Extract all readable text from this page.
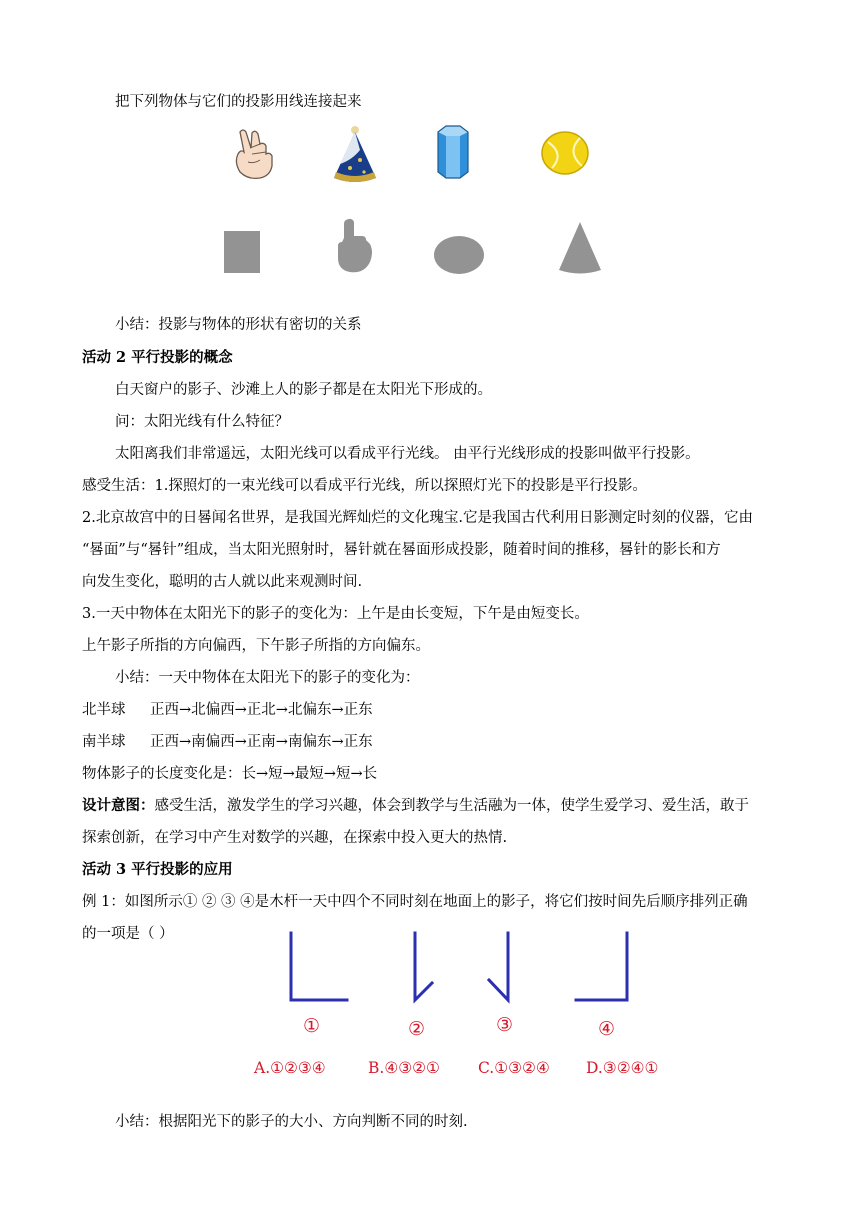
把下列物体与它们的投影用线连接起来
小结：投影与物体的形状有密切的关系
活动 2 平行投影的概念
白天窗户的影子、沙滩上人的影子都是在太阳光下形成的。
问：太阳光线有什么特征？
太阳离我们非常遥远，太阳光线可以看成平行光线。 由平行光线形成的投影叫做平行投影。
感受生活：1.探照灯的一束光线可以看成平行光线，所以探照灯光下的投影是平行投影。
2.北京故宫中的日晷闻名世界，是我国光辉灿烂的文化瑰宝.它是我国古代利用日影测定时刻的仪器，它由
“晷面”与“晷针”组成，当太阳光照射时，晷针就在晷面形成投影，随着时间的推移，晷针的影长和方
向发生变化，聪明的古人就以此来观测时间.
3.一天中物体在太阳光下的影子的变化为：上午是由长变短，下午是由短变长。
上午影子所指的方向偏西，下午影子所指的方向偏东。
小结：一天中物体在太阳光下的影子的变化为：
北半球 正西→北偏西→正北→北偏东→正东
南半球 正西→南偏西→正南→南偏东→正东
物体影子的长度变化是：长→短→最短→短→长
设计意图：感受生活，激发学生的学习兴趣，体会到教学与生活融为一体，使学生爱学习、爱生活，敢于
探索创新，在学习中产生对数学的兴趣，在探索中投入更大的热情.
活动 3 平行投影的应用
例 1：如图所示① ② ③ ④是木杆一天中四个不同时刻在地面上的影子，将它们按时间先后顺序排列正确
的一项是（ ）
①	②	③	④
A.①②③④	B.④③②① C.①③②④ D.③②④①
小结：根据阳光下的影子的大小、方向判断不同的时刻.
